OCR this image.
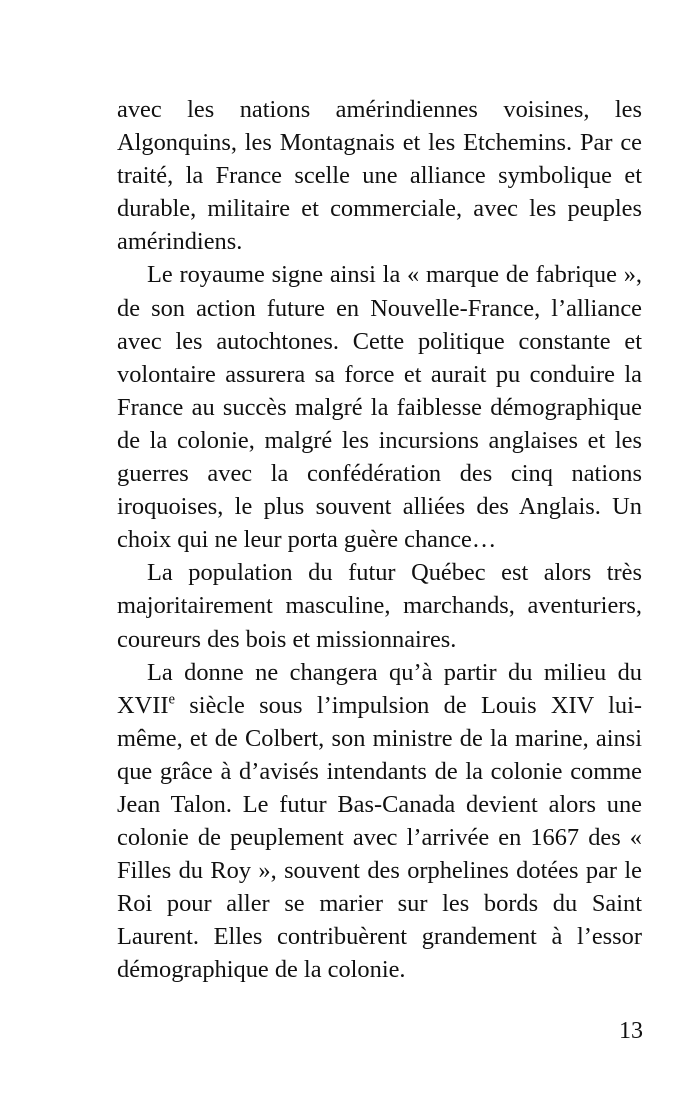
avec les nations amérindiennes voisines, les Algonquins, les Montagnais et les Etchemins. Par ce traité, la France scelle une alliance symbolique et durable, militaire et commerciale, avec les peuples amérindiens.

Le royaume signe ainsi la « marque de fabrique », de son action future en Nouvelle-France, l’alliance avec les autochtones. Cette politique constante et volontaire assurera sa force et aurait pu conduire la France au succès malgré la faiblesse démographique de la colonie, malgré les incursions anglaises et les guerres avec la confédération des cinq nations iroquoises, le plus souvent alliées des Anglais. Un choix qui ne leur porta guère chance…

La population du futur Québec est alors très majoritairement masculine, marchands, aventuriers, coureurs des bois et missionnaires.

La donne ne changera qu’à partir du milieu du XVIIe siècle sous l’impulsion de Louis XIV lui-même, et de Colbert, son ministre de la marine, ainsi que grâce à d’avisés intendants de la colonie comme Jean Talon. Le futur Bas-Canada devient alors une colonie de peuplement avec l’arrivée en 1667 des « Filles du Roy », souvent des orphelines dotées par le Roi pour aller se marier sur les bords du Saint Laurent. Elles contribuèrent grandement à l’essor démographique de la colonie.

13
